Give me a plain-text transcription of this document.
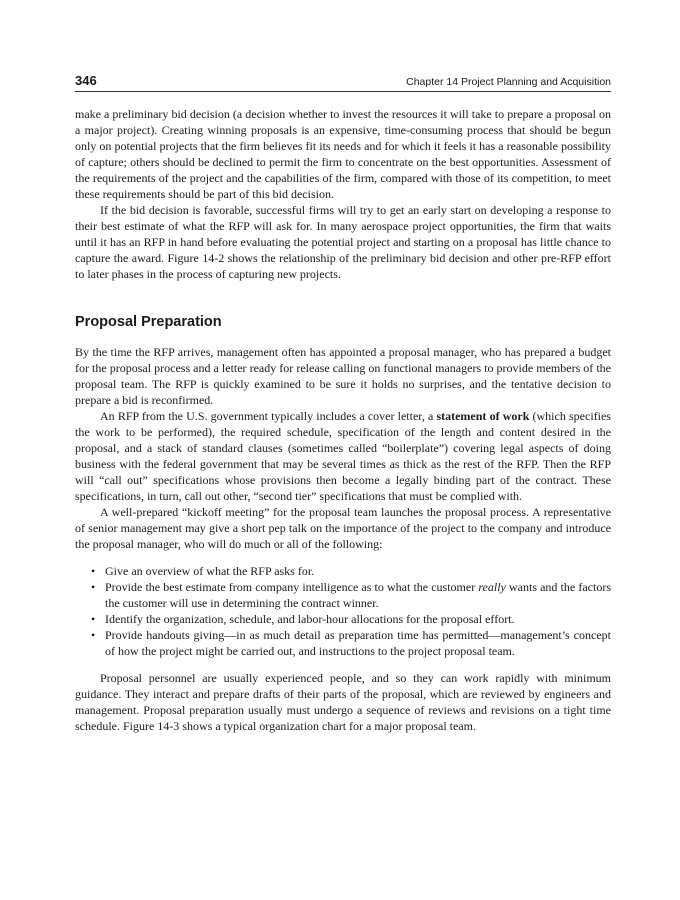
346	Chapter 14 Project Planning and Acquisition

make a preliminary bid decision (a decision whether to invest the resources it will take to prepare a proposal on a major project). Creating winning proposals is an expensive, time-consuming process that should be begun only on potential projects that the firm believes fit its needs and for which it feels it has a reasonable possibility of capture; others should be declined to permit the firm to concentrate on the best opportunities. Assessment of the requirements of the project and the capabilities of the firm, compared with those of its competition, to meet these requirements should be part of this bid decision.

If the bid decision is favorable, successful firms will try to get an early start on developing a response to their best estimate of what the RFP will ask for. In many aerospace project opportunities, the firm that waits until it has an RFP in hand before evaluating the potential project and starting on a proposal has little chance to capture the award. Figure 14-2 shows the relationship of the preliminary bid decision and other pre-RFP effort to later phases in the process of capturing new projects.

Proposal Preparation

By the time the RFP arrives, management often has appointed a proposal manager, who has prepared a budget for the proposal process and a letter ready for release calling on functional managers to provide members of the proposal team. The RFP is quickly examined to be sure it holds no surprises, and the tentative decision to prepare a bid is reconfirmed.

An RFP from the U.S. government typically includes a cover letter, a statement of work (which specifies the work to be performed), the required schedule, specification of the length and content desired in the proposal, and a stack of standard clauses (sometimes called “boilerplate”) covering legal aspects of doing business with the federal government that may be several times as thick as the rest of the RFP. Then the RFP will “call out” specifications whose provisions then become a legally binding part of the contract. These specifications, in turn, call out other, “second tier” specifications that must be complied with.

A well-prepared “kickoff meeting” for the proposal team launches the proposal process. A representative of senior management may give a short pep talk on the importance of the project to the company and introduce the proposal manager, who will do much or all of the following:

• Give an overview of what the RFP asks for.
• Provide the best estimate from company intelligence as to what the customer really wants and the factors the customer will use in determining the contract winner.
• Identify the organization, schedule, and labor-hour allocations for the proposal effort.
• Provide handouts giving—in as much detail as preparation time has permitted—management’s concept of how the project might be carried out, and instructions to the project proposal team.

Proposal personnel are usually experienced people, and so they can work rapidly with minimum guidance. They interact and prepare drafts of their parts of the proposal, which are reviewed by engineers and management. Proposal preparation usually must undergo a sequence of reviews and revisions on a tight time schedule. Figure 14-3 shows a typical organization chart for a major proposal team.
